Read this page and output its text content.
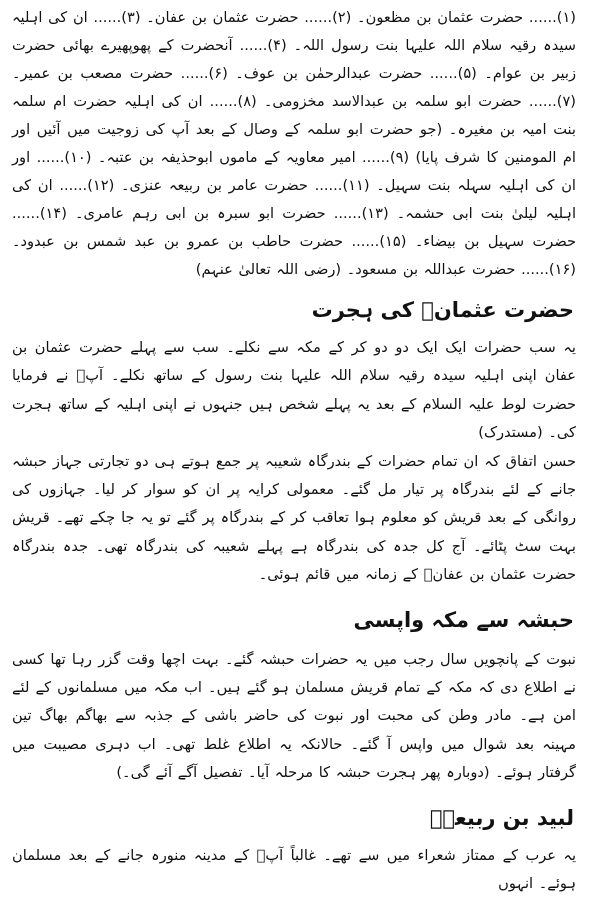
(۱)...... حضرت عثمان بن مظعون۔ (۲)...... حضرت عثمان بن عفان۔ (۳)...... ان کی اہلیہ سیدہ رقیہ سلام اللہ علیہا بنت رسول اللہ۔ (۴)...... آنحضرت کے پھوپھیرے بھائی حضرت زبیر بن عوام۔ (۵)...... حضرت عبدالرحمٰن بن عوف۔ (۶)...... حضرت مصعب بن عمیر۔ (۷)...... حضرت ابو سلمہ بن عبدالاسد مخزومی۔ (۸)...... ان کی اہلیہ حضرت ام سلمہ بنت امیہ بن مغیرہ۔ (جو حضرت ابو سلمہ کے وصال کے بعد آپ کی زوجیت میں آئیں اور ام المومنین کا شرف پایا) (۹)...... امیر معاویہ کے ماموں ابوحذیفہ بن عتبہ۔ (۱۰)...... اور ان کی اہلیہ سہلہ بنت سہیل۔ (۱۱)...... حضرت عامر بن ربیعہ عنزی۔ (۱۲)...... ان کی اہلیہ لیلیٰ بنت ابی حشمہ۔ (۱۳)...... حضرت ابو سبرہ بن ابی رہم عامری۔ (۱۴)...... حضرت سہیل بن بیضاء۔ (۱۵)...... حضرت حاطب بن عمرو بن عبد شمس بن عبدود۔ (۱۶)...... حضرت عبداللہ بن مسعود۔ (رضی اللہ تعالیٰ عنہم)

حضرت عثمانؓ کی ہجرت

یہ سب حضرات ایک ایک دو دو کر کے مکہ سے نکلے۔ سب سے پہلے حضرت عثمان بن عفان اپنی اہلیہ سیدہ رقیہ سلام اللہ علیہا بنت رسول کے ساتھ نکلے۔ آپؐ نے فرمایا حضرت لوط علیہ السلام کے بعد یہ پہلے شخص ہیں جنہوں نے اپنی اہلیہ کے ساتھ ہجرت کی۔ (مستدرک)

حسن اتفاق کہ ان تمام حضرات کے بندرگاہ شعیبہ پر جمع ہوتے ہی دو تجارتی جہاز حبشہ جانے کے لئے بندرگاہ پر تیار مل گئے۔ معمولی کرایہ پر ان کو سوار کر لیا۔ جہازوں کی روانگی کے بعد قریش کو معلوم ہوا تعاقب کر کے بندرگاہ پر گئے تو یہ جا چکے تھے۔ قریش بہت سٹ پٹائے۔ آج کل جدہ کی بندرگاہ ہے پہلے شعیبہ کی بندرگاہ تھی۔ جدہ بندرگاہ حضرت عثمان بن عفانؓ کے زمانہ میں قائم ہوئی۔

حبشہ سے مکہ واپسی

نبوت کے پانچویں سال رجب میں یہ حضرات حبشہ گئے۔ بہت اچھا وقت گزر رہا تھا کسی نے اطلاع دی کہ مکہ کے تمام قریش مسلمان ہو گئے ہیں۔ اب مکہ میں مسلمانوں کے لئے امن ہے۔ مادر وطن کی محبت اور نبوت کی حاضر باشی کے جذبہ سے بھاگم بھاگ تین مہینہ بعد شوال میں واپس آ گئے۔ حالانکہ یہ اطلاع غلط تھی۔ اب دہری مصیبت میں گرفتار ہوئے۔ (دوبارہ پھر ہجرت حبشہ کا مرحلہ آیا۔ تفصیل آگے آئے گی۔)

لبید بن ربیعہؓ

یہ عرب کے ممتاز شعراء میں سے تھے۔ غالباً آپؐ کے مدینہ منورہ جانے کے بعد مسلمان ہوئے۔ انہوں
